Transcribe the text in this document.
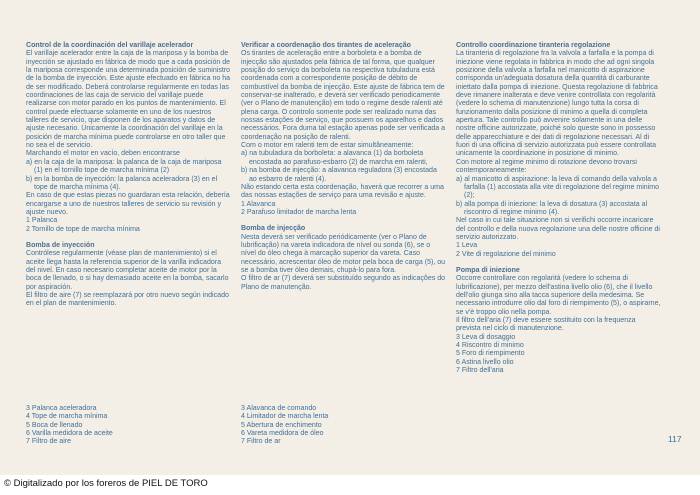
Control de la coordinación del varillaje acelerador

El varillaje acelerador entre la caja de la mariposa y la bomba de inyección se ajustado en fábrica de modo que a cada posición de la mariposa corresponde una determinada posición de suministro de la bomba de inyección. Este ajuste efectuado en fábrica no ha de ser modificado. Deberá controlarse regularmente en todas las coordinaciones de las caja de servicio del varillaje puede realizarse con motor parado en los puntos de mantenimiento. El control puede efectuarse solamente en uno de los nuestros talleres de servicio, que disponen de los aparatos y datos de ajuste necesario. Únicamente la coordinación del varillaje en la posición de marcha mínima puede controlarse en otro taller que no sea el de servicio.

Marchando el motor en vacío, deben encontrarse

a) en la caja de la mariposa: la palanca de la caja de mariposa (1) en el tornillo tope de marcha mínima (2)

b) en la bomba de inyección: la palanca aceleradora (3) en el tope de marcha mínima (4).

En caso de que estas piezas no guardaran esta relación, debería encargarse a uno de nuestros talleres de servicio su revisión y ajuste nuevo.

1 Palanca

2 Tornillo de tope de marcha mínima

Bomba de inyección

Contrólese regularmente (véase plan de mantenimiento) si el aceite llega hasta la referencia superior de la varilla indicadora del nivel. En caso necesario completar aceite de motor por la boca de llenado, o si hay demasiado aceite en la bomba, sacarlo por aspiración.

El filtro de aire (7) se reemplazará por otro nuevo según indicado en el plan de mantenimiento.

Verificar a coordenação dos tirantes de aceleração

Os tirantes de aceleração entre a borboleta e a bomba de injecção são ajustados pela fábrica de tal forma, que qualquer posição do serviço da borboleta na respectiva tubuladura está coordenada com a correspondente posição de débito de combustível da bomba de injecção. Este ajuste de fábrica tem de conservar-se inalterado, e deverá ser verificado periodicamente (ver o Plano de manutenção) em todo o regime desde ralenti até plena carga. O controlo somente pode ser realizado numa das nossas estações de serviço, que possuem os aparelhos e dados necessários. Fora duma tal estação apenas pode ser verificada a coordenação na posição de ralenti.

Com o motor em ralenti tem de estar simultâneamente:

a) na tubuladura da borboleta: a alavanca (1) da borboleta encostada ao parafuso-esbarro (2) de marcha em ralenti,

b) na bomba de injecção: a alavanca reguladora (3) encostada ao esbarro de ralenti (4).

Não estando certa esta coordenação, haverá que recorrer a uma das nossas estações de serviço para uma revisão e ajuste.

1 Alavanca

2 Parafuso limitador de marcha lenta

Bomba de injecção

Nesta deverá ser verificado periódicamente (ver o Plano de lubrificação) na vareta indicadora de nível ou sonda (6), se o nível do óleo chega à marcação superior da vareta. Caso necessário, acrescentar óleo de motor pela boca de carga (5), ou se a bomba tiver óleo demais, chupá-lo para fora.

O filtro de ar (7) deverá ser substituído segundo as indicações do Plano de manutenção.

Controllo coordinazione tiranteria regolazione

La tiranteria di regolazione fra la valvola a farfalla e la pompa di iniezione viene regolata in fabbrica in modo che ad ogni singola posizione della valvola a farfalla nel manicotto di aspirazione corrisponda un'adeguata dosatura della quantità di carburante iniettato dalla pompa di iniezione. Questa regolazione di fabbrica deve rimanere inalterata e deve venire controllata con regolarità (vedere lo schema di manutenzione) lungo tutta la corsa di funzionamento dalla posizione di minimo a quella di completa apertura. Tale controllo può avvenire solamente in una delle nostre officine autorizzate, poiché solo queste sono in possesso delle apparecchiature e dei dati di regolazione necessari. Al di fuori di una officina di servizio autorizzata può essere controllata unicamente la coordinazione in posizione di minimo.

Con motore al regime minimo di rotazione devono trovarsi contemporaneamente:

a) al manicotto di aspirazione: la leva di comando della valvola a farfalla (1) accostata alla vite di regolazione del regime minimo (2);

b) alla pompa di iniezione: la leva di dosatura (3) accostata al riscontro di regime minimo (4).

Nel caso in cui tale situazione non si verifichi occorre incaricare del controllo e della nuova regolazione una delle nostre officine di servizio autorizzato.

1 Leva

2 Vite di regolazione del minimo

Pompa di iniezione

Occorre controllare con regolarità (vedere lo schema di lubrificazione), per mezzo dell'astina livello olio (6), che il livello dell'olio giunga sino alla tacca superiore della medesima. Se necessario introdurre olio dal foro di riempimento (5), o aspirarne, se v'è troppo olio nella pompa.

Il filtro dell'aria (7) deve essere sostituito con la frequenza prevista nel ciclo di manutenzione.

3 Leva di dosaggio

4 Riscontro di minimo

5 Foro di riempimento

6 Astina livello olio

7 Filtro dell'aria

3 Palanca aceleradora

4 Tope de marcha mínima

5 Boca de llenado

6 Varilla medidora de aceite

7 Filtro de aire

3 Alavanca de comando

4 Limitador de marcha lenta

5 Abertura de enchimento

6 Vareta medidora de óleo

7 Filtro de ar	117
© Digitalizado por los foreros de PIEL DE TORO
